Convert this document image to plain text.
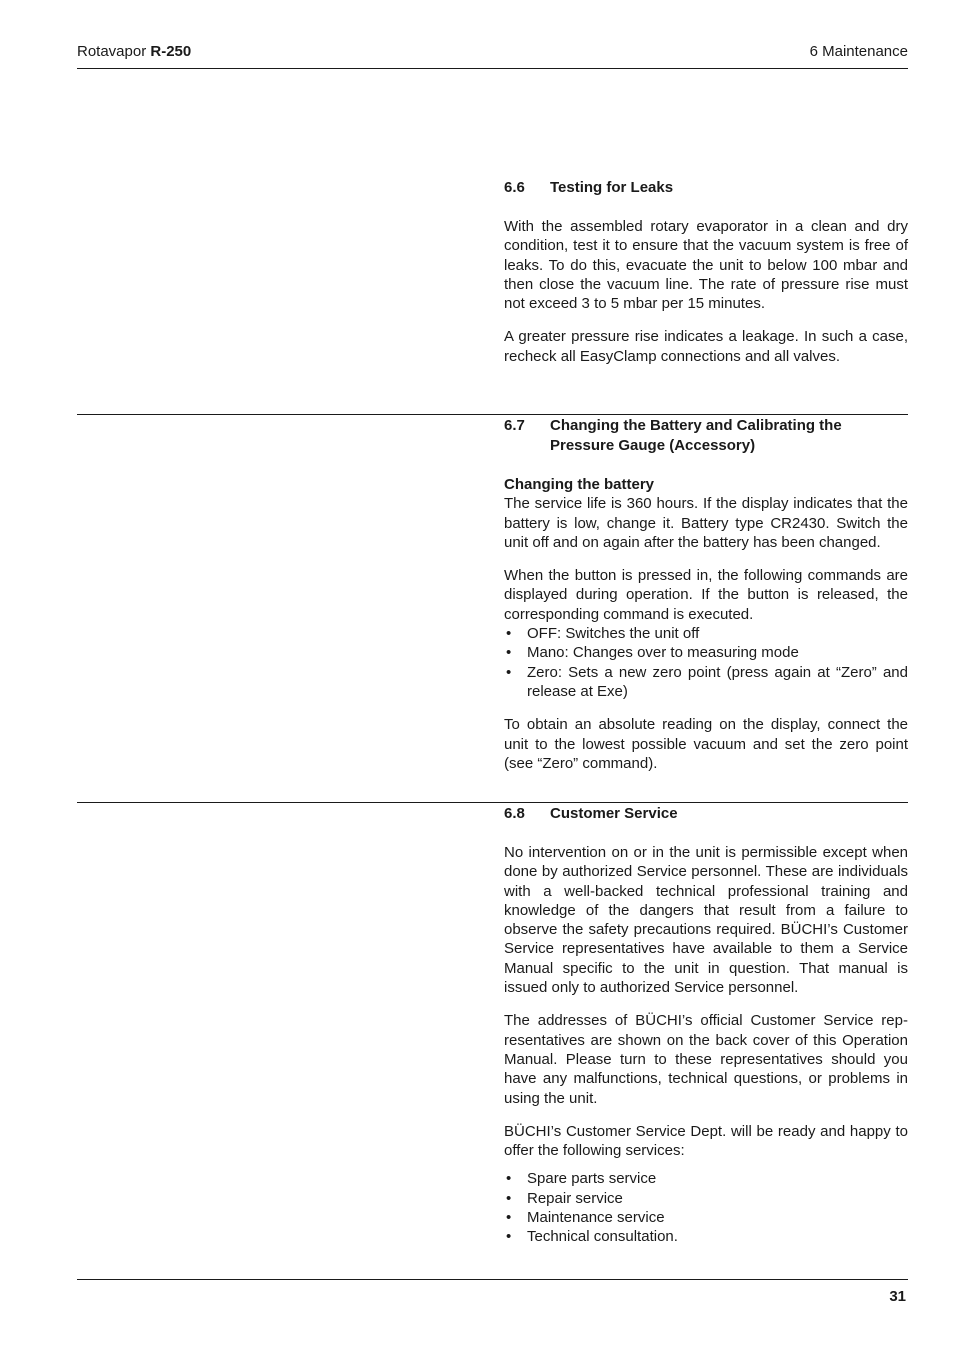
Rotavapor R-250	6 Maintenance
6.6	Testing for Leaks

With the assembled rotary evaporator in a clean and dry condition, test it to ensure that the vacuum system is free of leaks. To do this, evacuate the unit to below 100 mbar and then close the vacuum line. The rate of pressure rise must not exceed 3 to 5 mbar per 15 minutes.

A greater pressure rise indicates a leakage. In such a case, recheck all EasyClamp connections and all valves.

6.7	Changing the Battery and Calibrating the Pressure Gauge (Accessory)
Changing the battery

The service life is 360 hours. If the display indicates that the battery is low, change it. Battery type CR2430. Switch the unit off and on again after the battery has been changed.

When the button is pressed in, the following commands are displayed during operation. If the button is released, the corresponding command is executed.

• OFF: Switches the unit off
• Mano: Changes over to measuring mode
• Zero: Sets a new zero point (press again at “Zero” and release at Exe)

To obtain an absolute reading on the display, connect the unit to the lowest possible vacuum and set the zero point (see “Zero” command).

6.8	Customer Service

No intervention on or in the unit is permissible except when done by authorized Service personnel. These are individuals with a well-backed technical professional training and knowledge of the dangers that result from a failure to observe the safety precautions required. BÜCHI’s Customer Service representatives have available to them a Service Manual specific to the unit in question. That manual is issued only to authorized Service personnel.

The addresses of BÜCHI’s official Customer Service representatives are shown on the back cover of this Operation Manual. Please turn to these representatives should you have any malfunctions, technical questions, or problems in using the unit.

BÜCHI’s Customer Service Dept. will be ready and happy to offer the following services:

• Spare parts service
• Repair service
• Maintenance service
• Technical consultation.
31
